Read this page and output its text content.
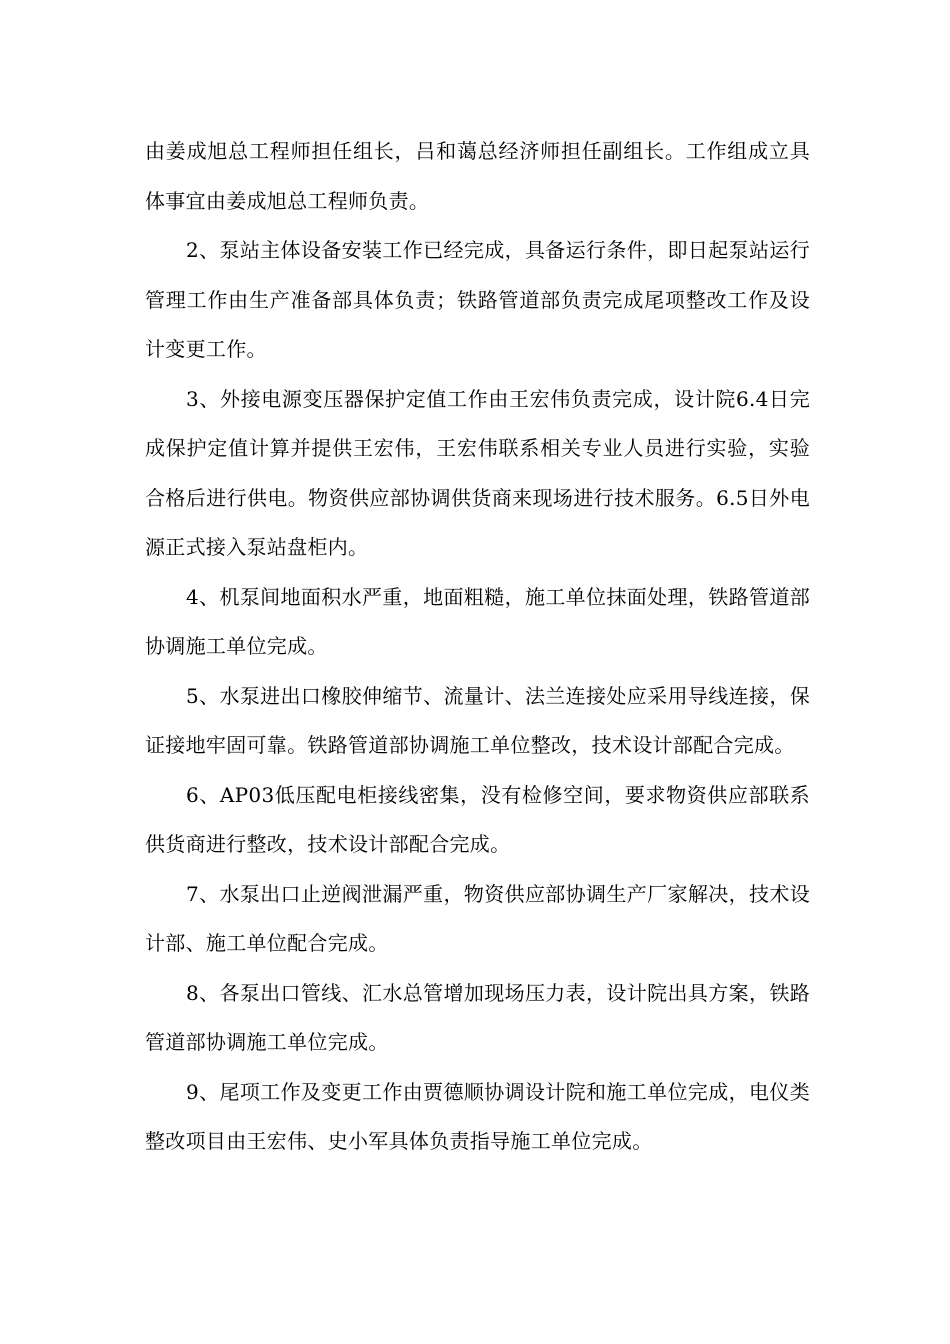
由姜成旭总工程师担任组长，吕和蔼总经济师担任副组长。工作组成立具体事宜由姜成旭总工程师负责。

2、泵站主体设备安装工作已经完成，具备运行条件，即日起泵站运行管理工作由生产准备部具体负责；铁路管道部负责完成尾项整改工作及设计变更工作。

3、外接电源变压器保护定值工作由王宏伟负责完成，设计院6.4日完成保护定值计算并提供王宏伟，王宏伟联系相关专业人员进行实验，实验合格后进行供电。物资供应部协调供货商来现场进行技术服务。6.5日外电源正式接入泵站盘柜内。

4、机泵间地面积水严重，地面粗糙，施工单位抹面处理，铁路管道部协调施工单位完成。

5、水泵进出口橡胶伸缩节、流量计、法兰连接处应采用导线连接，保证接地牢固可靠。铁路管道部协调施工单位整改，技术设计部配合完成。

6、AP03低压配电柜接线密集，没有检修空间，要求物资供应部联系供货商进行整改，技术设计部配合完成。

7、水泵出口止逆阀泄漏严重，物资供应部协调生产厂家解决，技术设计部、施工单位配合完成。

8、各泵出口管线、汇水总管增加现场压力表，设计院出具方案，铁路管道部协调施工单位完成。

9、尾项工作及变更工作由贾德顺协调设计院和施工单位完成，电仪类整改项目由王宏伟、史小军具体负责指导施工单位完成。
